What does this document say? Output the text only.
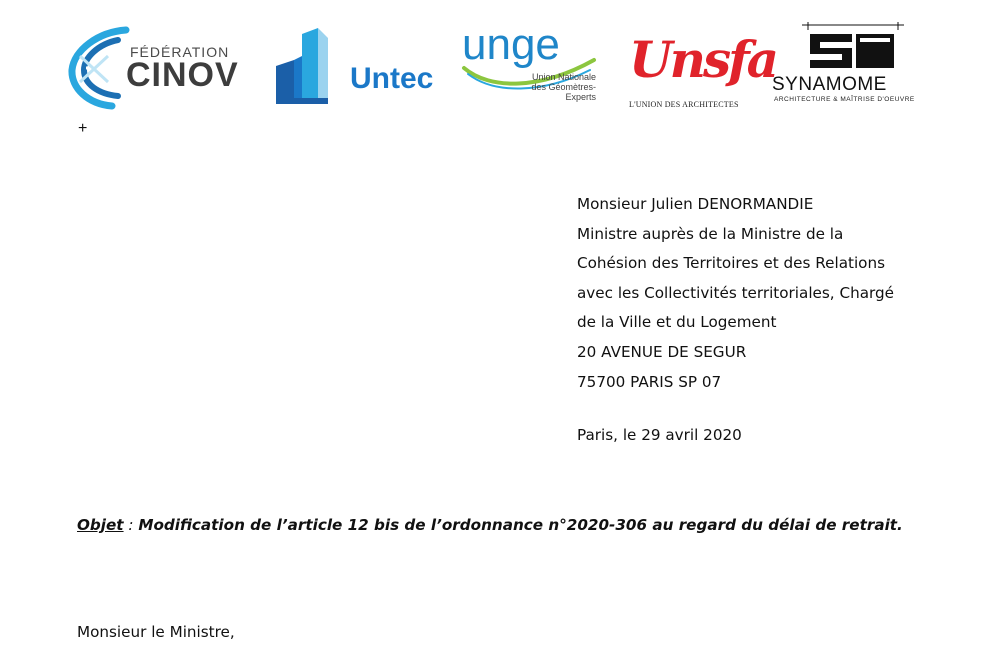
FÉDÉRATION
CINOV	Untec
unge
Union Nationale des Géomètres-Experts
Unsfa
L'UNION DES ARCHITECTES
SYNAMOME
ARCHITECTURE & MAÎTRISE D'OEUVRE
+
Monsieur Julien DENORMANDIE
Ministre auprès de la Ministre de la
Cohésion des Territoires et des Relations
avec les Collectivités territoriales, Chargé
de la Ville et du Logement
20 AVENUE DE SEGUR
75700 PARIS SP 07
Paris, le 29 avril 2020
Objet : Modification de l’article 12 bis de l’ordonnance n°2020-306 au regard du délai de retrait.
Monsieur le Ministre,
